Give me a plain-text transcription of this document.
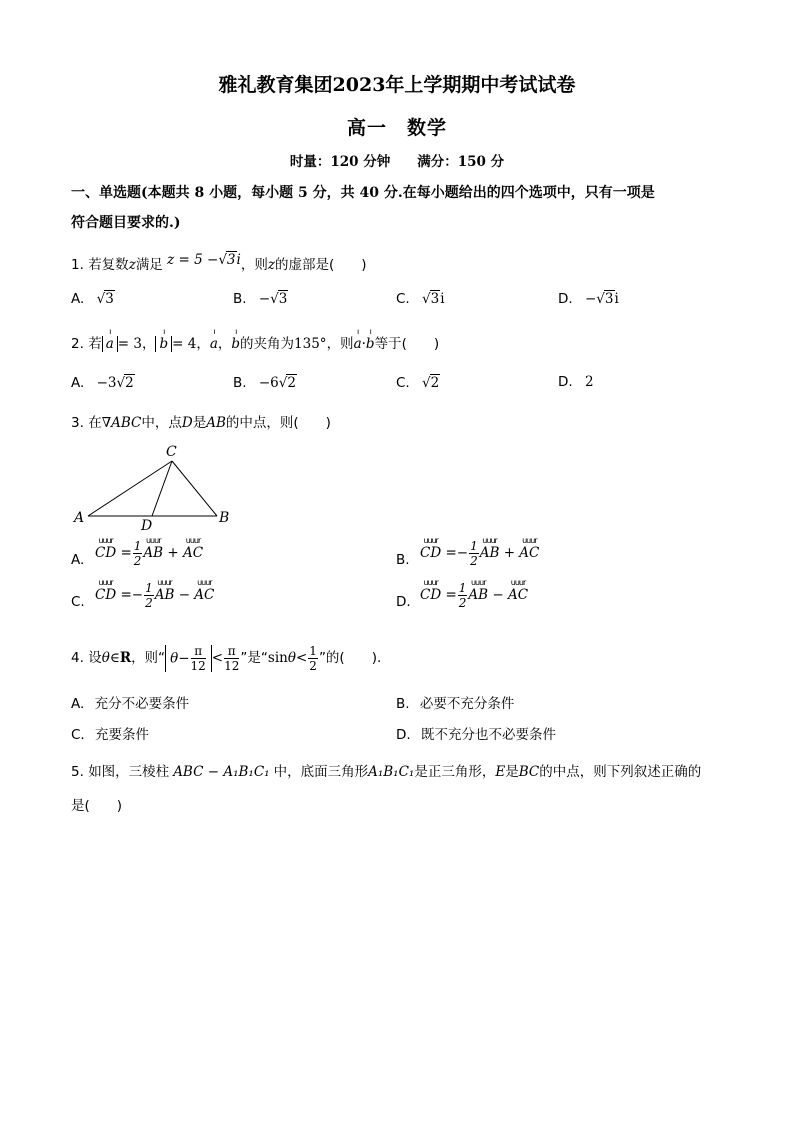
雅礼教育集团2023年上学期期中考试试卷
高一　数学
时量：120 分钟　　满分：150 分
一、单选题(本题共 8 小题，每小题 5 分，共 40 分.在每小题给出的四个选项中，只有一项是
符合题目要求的.)
1. 若复数z满足 z = 5 −√3i，则z的虚部是(　　)
A. √3	B. −√3	C. √3i	D. −√3i
2. 若
ı
a = 3，
ı
b = 4，
ı
a，
ı
b的夹角为135°，则
ı
a·
ı
b等于(　　)
A. −3√2	B. −6√2	C. √2	D. 2
3. 在∇ABC中，点D是AB的中点，则(　　)
A	B
C
D
A.
uuur
CD = $\frac{1}{2}$ uuur
AB +
uuur
AC	B.
uuur
CD =− $\frac{1}{2}$ uuur
AB +
uuur
AC
C.
uuur
CD =− $\frac{1}{2}$ uuur
AB −
uuur
AC	D.
uuur
CD = $\frac{1}{2}$ uuur
AB −
uuur
AC
4. 设θ∈R，则“ $\theta- \frac{\pi}{12} < \frac{\pi}{12}$ ”是“$\sin\theta< \frac{1}{2}$ ”的(　　).
A. 充分不必要条件	B. 必要不充分条件
C. 充要条件	D. 既不充分也不必要条件
5. 如图，三棱柱 ABC − A₁B₁C₁ 中，底面三角形A₁B₁C₁是正三角形，E是BC的中点，则下列叙述正确的
是(　　)
